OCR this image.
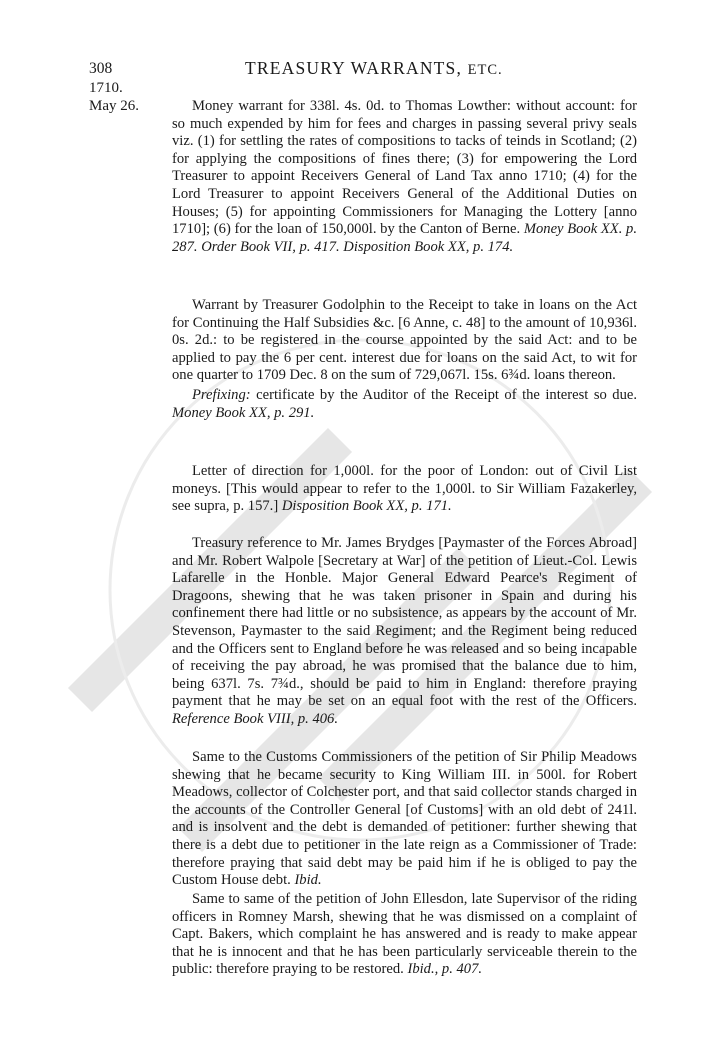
308	TREASURY WARRANTS, ETC.
1710.
May 26.	Money warrant for 338l. 4s. 0d. to Thomas Lowther: without account: for so much expended by him for fees and charges in passing several privy seals viz. (1) for settling the rates of compositions to tacks of teinds in Scotland; (2) for applying the compositions of fines there; (3) for empowering the Lord Treasurer to appoint Receivers General of Land Tax anno 1710; (4) for the Lord Treasurer to appoint Receivers General of the Additional Duties on Houses; (5) for appointing Commissioners for Managing the Lottery [anno 1710]; (6) for the loan of 150,000l. by the Canton of Berne. Money Book XX. p. 287. Order Book VII, p. 417. Disposition Book XX, p. 174.

Warrant by Treasurer Godolphin to the Receipt to take in loans on the Act for Continuing the Half Subsidies &c. [6 Anne, c. 48] to the amount of 10,936l. 0s. 2d.: to be registered in the course appointed by the said Act: and to be applied to pay the 6 per cent. interest due for loans on the said Act, to wit for one quarter to 1709 Dec. 8 on the sum of 729,067l. 15s. 6¾d. loans thereon.

Prefixing: certificate by the Auditor of the Receipt of the interest so due. Money Book XX, p. 291.

Letter of direction for 1,000l. for the poor of London: out of Civil List moneys. [This would appear to refer to the 1,000l. to Sir William Fazakerley, see supra, p. 157.] Disposition Book XX, p. 171.

Treasury reference to Mr. James Brydges [Paymaster of the Forces Abroad] and Mr. Robert Walpole [Secretary at War] of the petition of Lieut.-Col. Lewis Lafarelle in the Honble. Major General Edward Pearce's Regiment of Dragoons, shewing that he was taken prisoner in Spain and during his confinement there had little or no subsistence, as appears by the account of Mr. Stevenson, Paymaster to the said Regiment; and the Regiment being reduced and the Officers sent to England before he was released and so being incapable of receiving the pay abroad, he was promised that the balance due to him, being 637l. 7s. 7¾d., should be paid to him in England: therefore praying payment that he may be set on an equal foot with the rest of the Officers. Reference Book VIII, p. 406.

Same to the Customs Commissioners of the petition of Sir Philip Meadows shewing that he became security to King William III. in 500l. for Robert Meadows, collector of Colchester port, and that said collector stands charged in the accounts of the Controller General [of Customs] with an old debt of 241l. and is insolvent and the debt is demanded of petitioner: further shewing that there is a debt due to petitioner in the late reign as a Commissioner of Trade: therefore praying that said debt may be paid him if he is obliged to pay the Custom House debt. Ibid.

Same to same of the petition of John Ellesdon, late Supervisor of the riding officers in Romney Marsh, shewing that he was dismissed on a complaint of Capt. Bakers, which complaint he has answered and is ready to make appear that he is innocent and that he has been particularly serviceable therein to the public: therefore praying to be restored. Ibid., p. 407.
